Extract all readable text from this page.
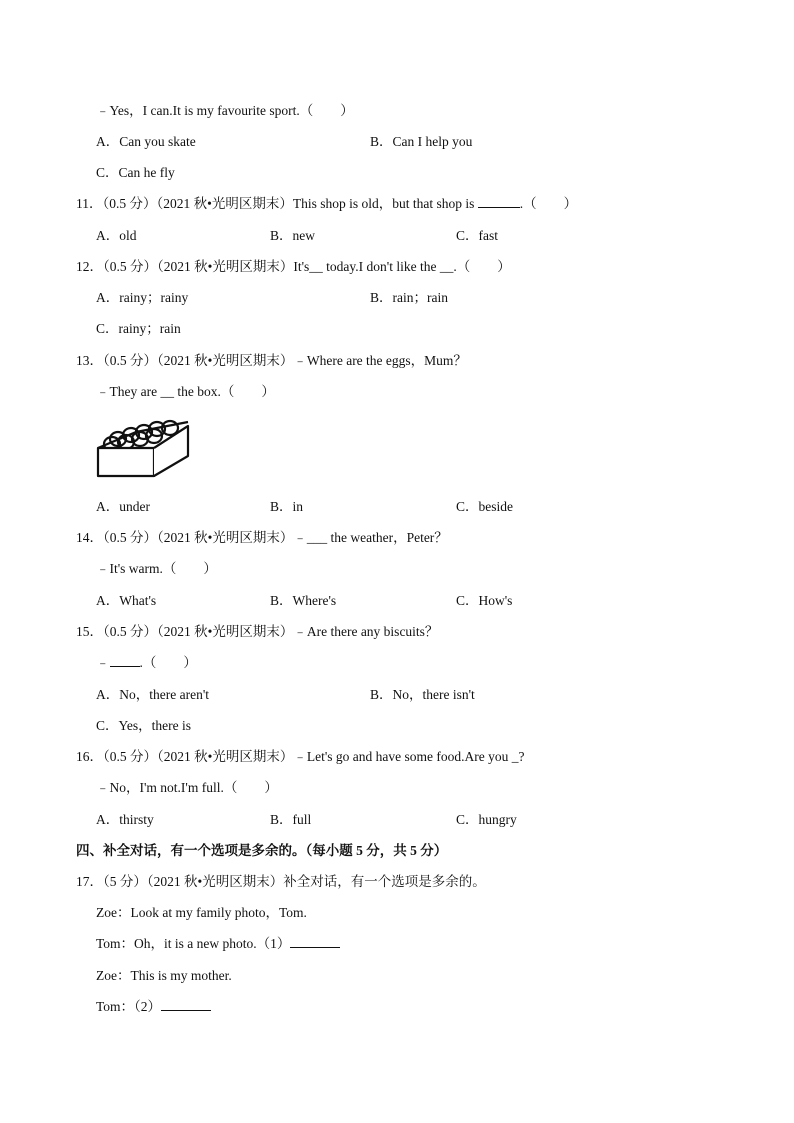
﹣Yes，I can.It is my favourite sport.（　　）
A．Can you skate	B．Can I help you
C．Can he fly
11．（0.5 分）（2021 秋•光明区期末）This shop is old，but that shop is	.（　　）
A．old	B．new	C．fast
12．（0.5 分）（2021 秋•光明区期末）It's__ today.I don't like the __.（　　）
A．rainy；rainy	B．rain；rain
C．rainy；rain
13．（0.5 分）（2021 秋•光明区期末）﹣Where are the eggs，Mum？
﹣They are __ the box.（　　）
A．under	B．in	C．beside
14．（0.5 分）（2021 秋•光明区期末）﹣___ the weather，Peter？
﹣It's warm.（　　）
A．What's	B．Where's	C．How's
15．（0.5 分）（2021 秋•光明区期末）﹣Are there any biscuits？
﹣ .（　　）
A．No，there aren't	B．No，there isn't
C．Yes，there is
16．（0.5 分）（2021 秋•光明区期末）﹣Let's go and have some food.Are you _?
﹣No，I'm not.I'm full.（　　）
A．thirsty	B．full	C．hungry
四、补全对话，有一个选项是多余的。（每小题 5 分，共 5 分）
17．（5 分）（2021 秋•光明区期末）补全对话，有一个选项是多余的。
Zoe：Look at my family photo，Tom.
Tom：Oh，it is a new photo.（1）
Zoe：This is my mother.
Tom：（2）
